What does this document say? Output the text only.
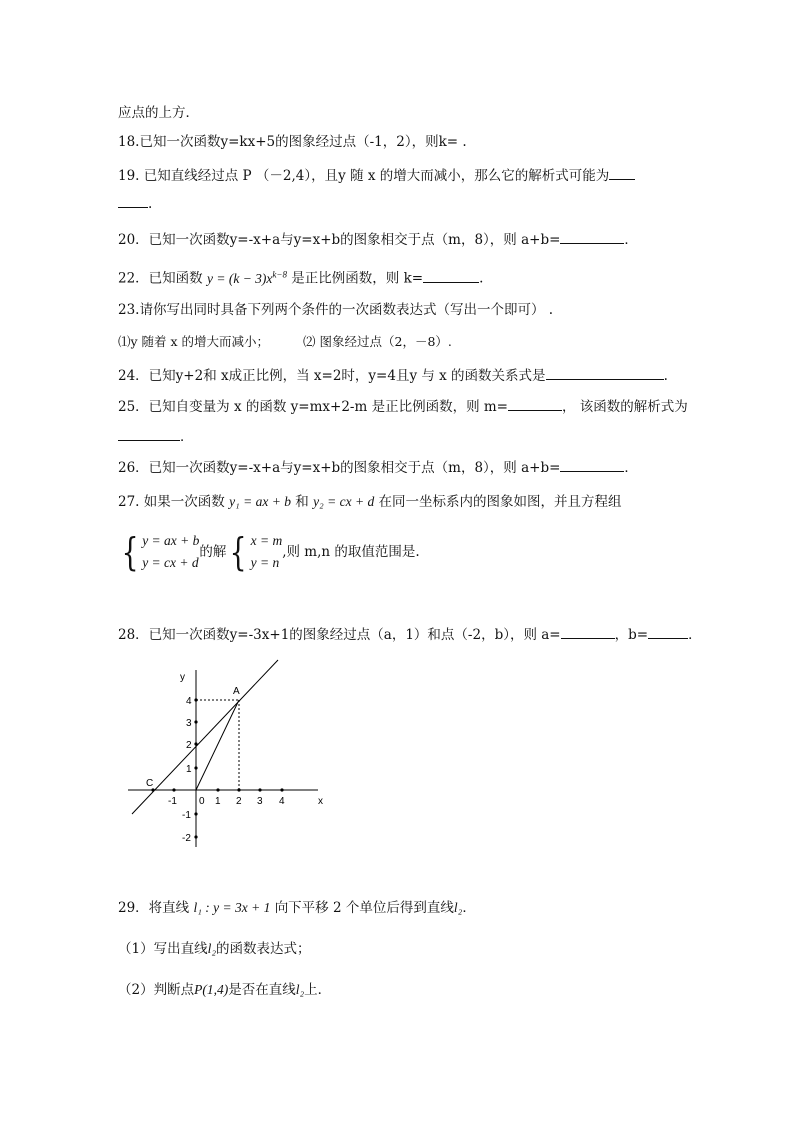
应点的上方．
18.已知一次函数y=kx+5的图象经过点（-1，2），则k= .
19. 已知直线经过点 P （－2,4），且y 随 x 的增大而减小，那么它的解析式可能为
.
20．已知一次函数y=-x+a与y=x+b的图象相交于点（m，8），则 a+b=	．
22．已知函数 $y = (k - 3)x^{k-8}$ 是正比例函数，则 k=	.
23.请你写出同时具备下列两个条件的一次函数表达式（写出一个即可） .
⑴y 随着 x 的增大而减小；	⑵ 图象经过点（2，－8）.
24．已知y+2和 x成正比例，当 x=2时，y=4且y 与 x 的函数关系式是	.
25．已知自变量为 x 的函数 y=mx+2-m 是正比例函数，则 m=	， 该函数的解析式为
．
26．已知一次函数y=-x+a与y=x+b的图象相交于点（m，8），则 a+b=	．
27. 如果一次函数 y₁ = ax + b 和 y₂ = cx + d 在同一坐标系内的图象如图，并且方程组
{ y = ax + b
y = cx + d的解{ x = m
y = n,则 m,n 的取值范围是.
28．已知一次函数y=-3x+1的图象经过点（a，1）和点（-2，b），则 a=	，b=	．
y
x
A
C
0
-1	1 2 3 4
4
3
2
1
-1
-2
29．将直线 l₁ : y = 3x + 1 向下平移 2 个单位后得到直线l₂．
（1）写出直线l₂的函数表达式；
（2）判断点P(1,4)是否在直线l₂上．
